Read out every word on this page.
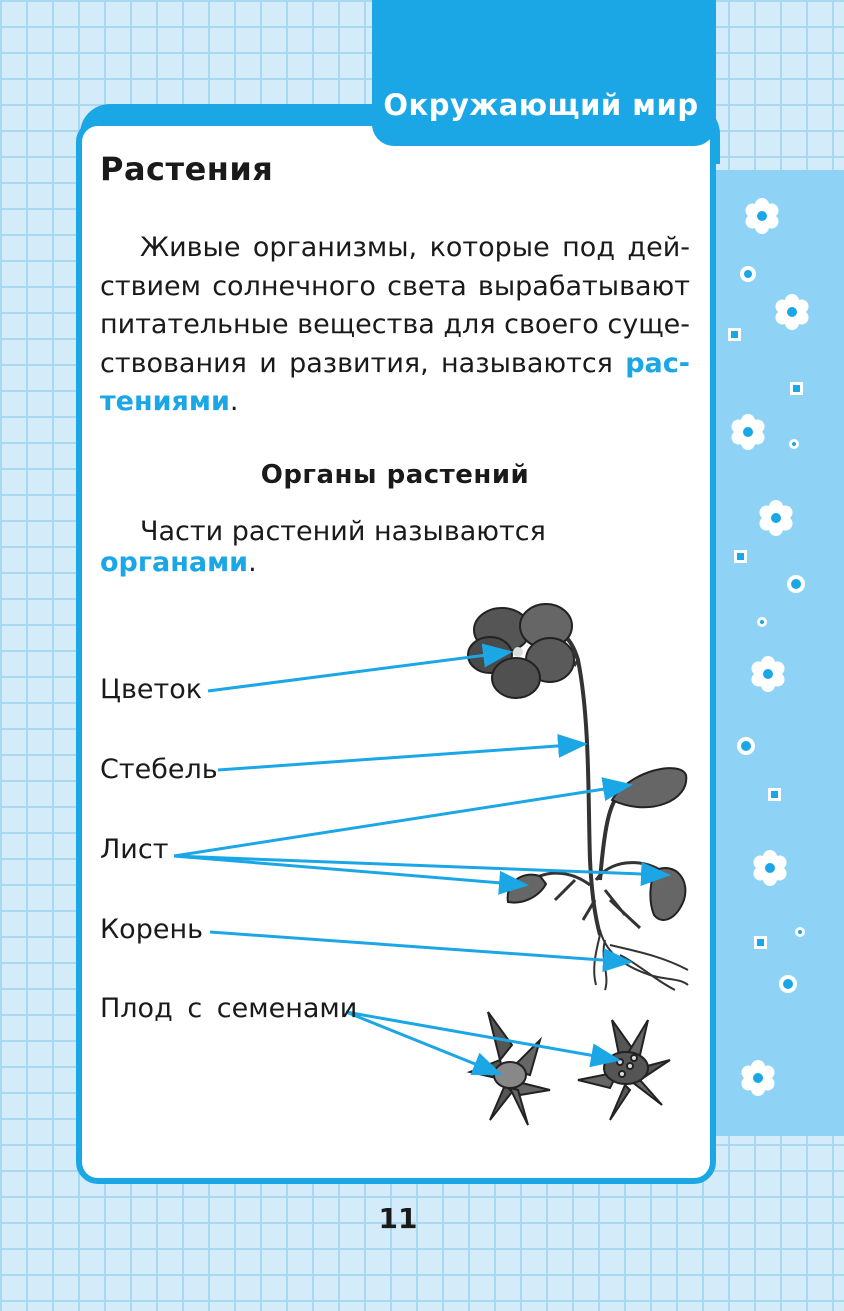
Окружающий мир
Растения
Живые организмы, которые под действием солнечного света вырабатывают питательные вещества для своего существования и развития, называются рас- тениями.
Органы растений
Части растений называются органами.
Цветок
Стебель
Лист
Корень
Плод с семенами
11
